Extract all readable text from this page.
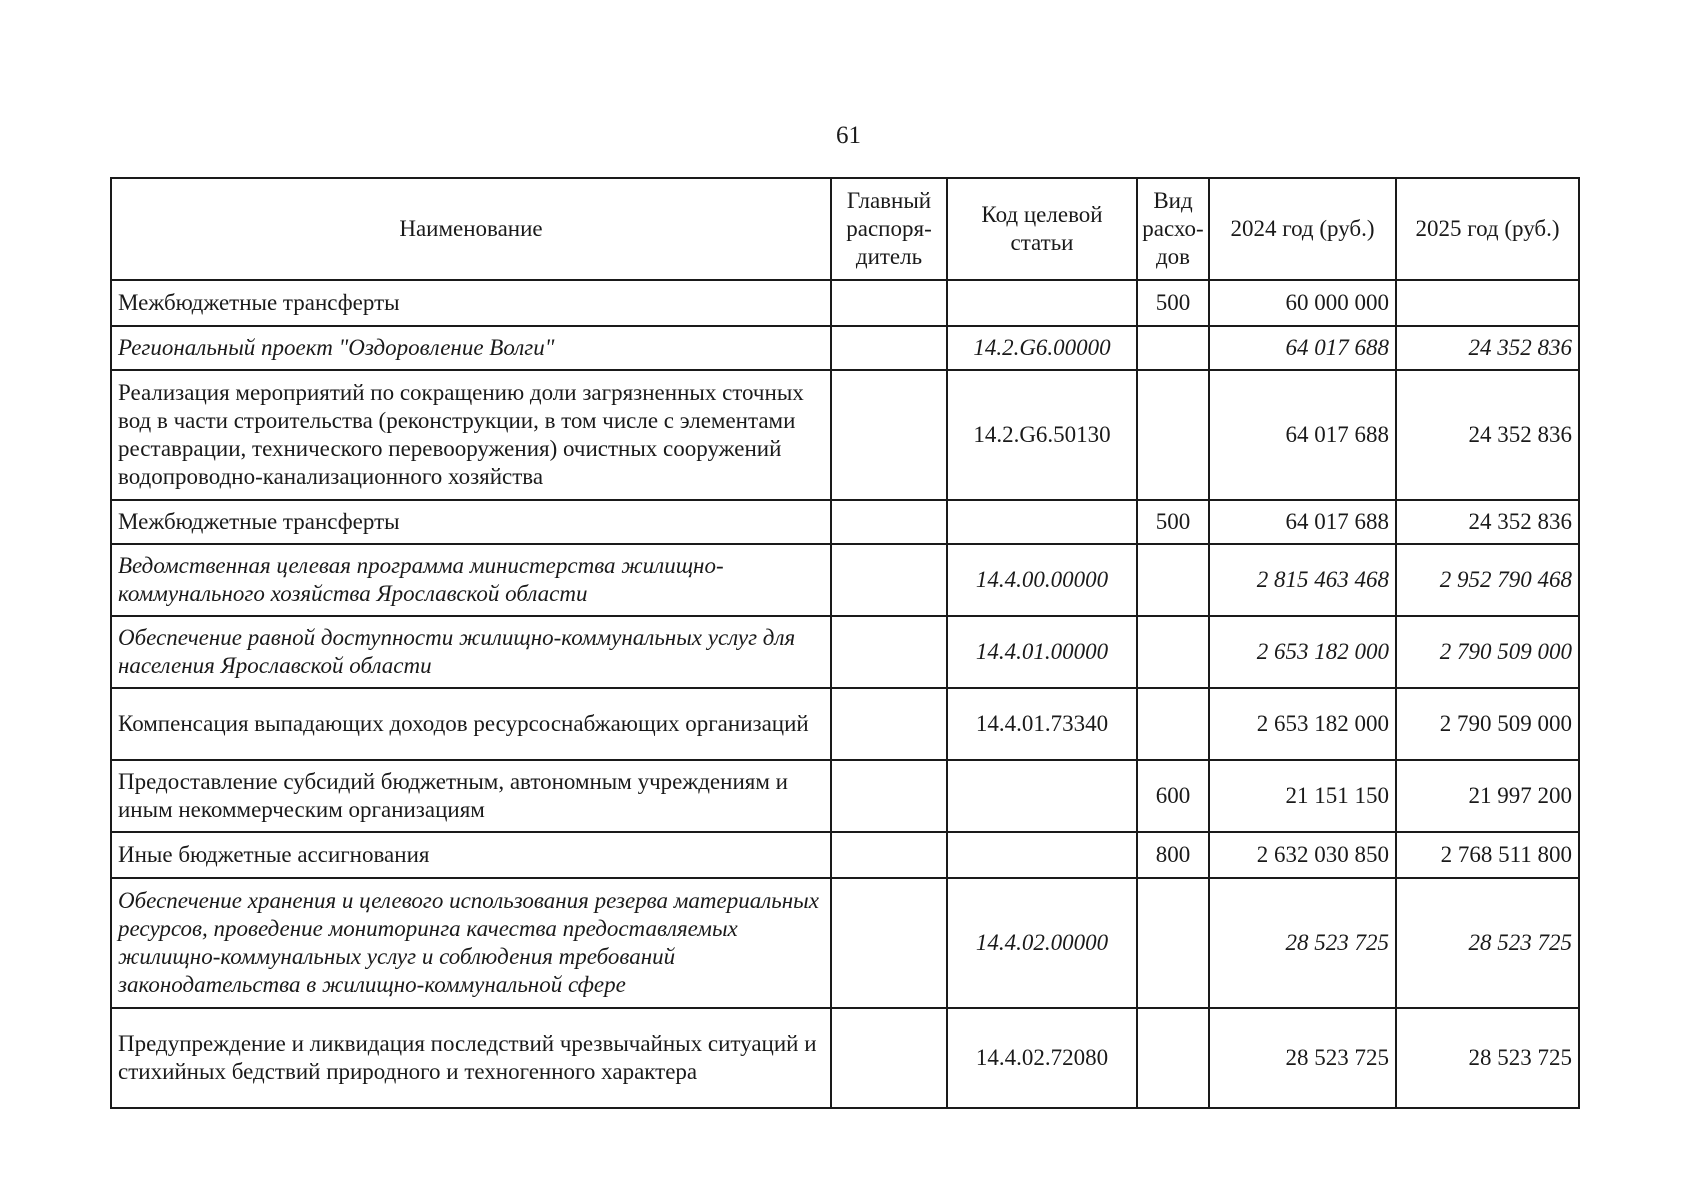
61
Наименование	Главный распоря-дитель	Код целевой статьи	Вид расхо-дов	2024 год (руб.)	2025 год (руб.)
Межбюджетные трансферты			500	60 000 000	
Региональный проект "Оздоровление Волги"		14.2.G6.00000		64 017 688	24 352 836
Реализация мероприятий по сокращению доли загрязненных сточных вод в части строительства (реконструкции, в том числе с элементами реставрации, технического перевооружения) очистных сооружений водопроводно-канализационного хозяйства		14.2.G6.50130		64 017 688	24 352 836
Межбюджетные трансферты			500	64 017 688	24 352 836
Ведомственная целевая программа министерства жилищно-коммунального хозяйства Ярославской области		14.4.00.00000		2 815 463 468	2 952 790 468
Обеспечение равной доступности жилищно-коммунальных услуг для населения Ярославской области		14.4.01.00000		2 653 182 000	2 790 509 000
Компенсация выпадающих доходов ресурсоснабжающих организаций		14.4.01.73340		2 653 182 000	2 790 509 000
Предоставление субсидий бюджетным, автономным учреждениям и иным некоммерческим организациям			600	21 151 150	21 997 200
Иные бюджетные ассигнования			800	2 632 030 850	2 768 511 800
Обеспечение хранения и целевого использования резерва материальных ресурсов, проведение мониторинга качества предоставляемых жилищно-коммунальных услуг и соблюдения требований законодательства в жилищно-коммунальной сфере		14.4.02.00000		28 523 725	28 523 725
Предупреждение и ликвидация последствий чрезвычайных ситуаций и стихийных бедствий природного и техногенного характера		14.4.02.72080		28 523 725	28 523 725
